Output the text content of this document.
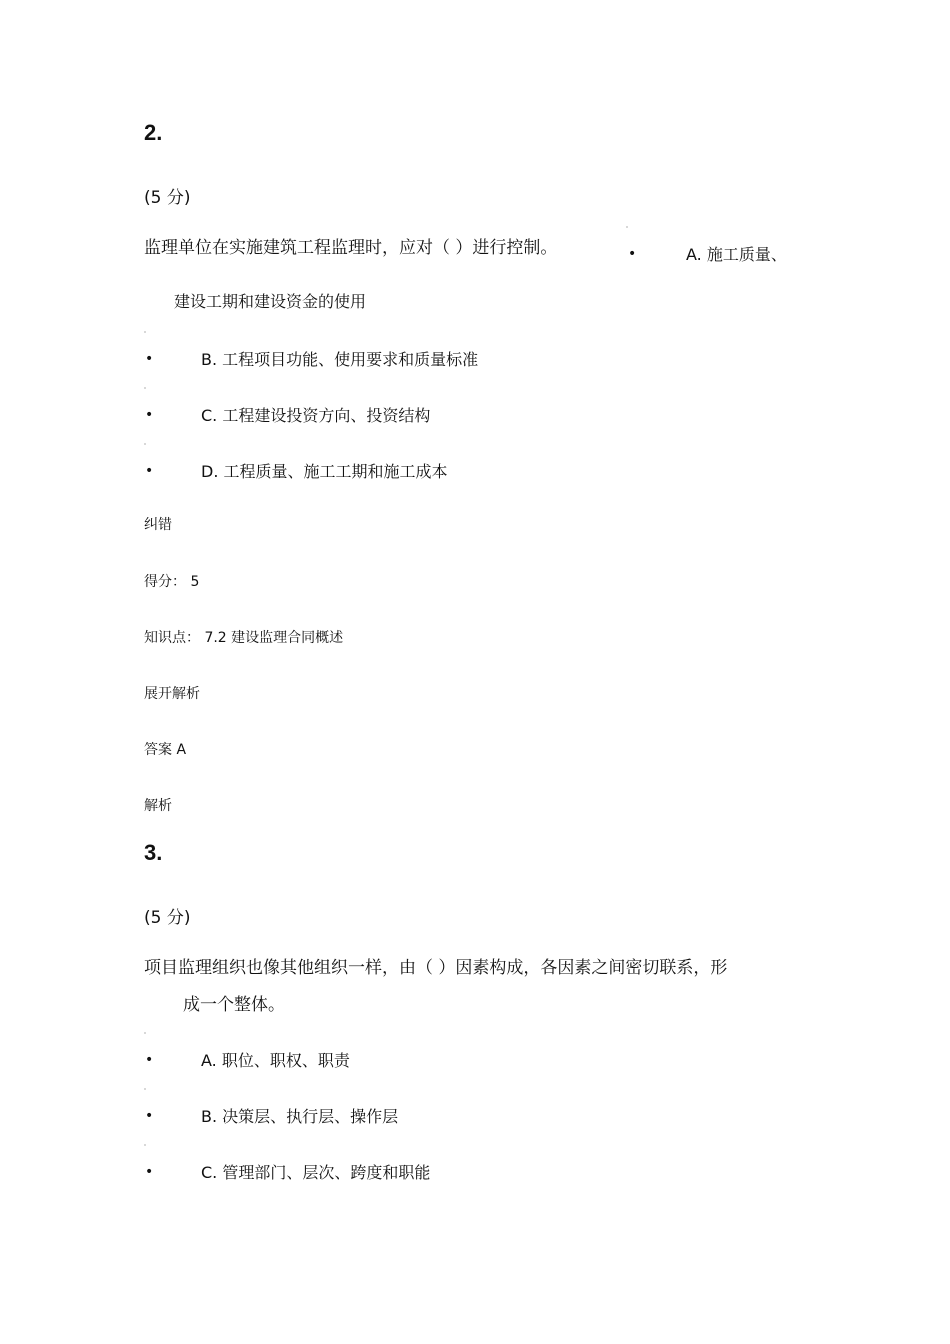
2.
(5 分)
监理单位在实施建筑工程监理时，应对（ ）进行控制。	•	A. 施工质量、
建设工期和建设资金的使用
•	B. 工程项目功能、使用要求和质量标准
•	C. 工程建设投资方向、投资结构
•	D. 工程质量、施工工期和施工成本
纠错
得分： 5
知识点： 7.2 建设监理合同概述
展开解析
答案 A
解析
3.
(5 分)
项目监理组织也像其他组织一样，由（ ）因素构成，各因素之间密切联系，形
成一个整体。
•	A. 职位、职权、职责
•	B. 决策层、执行层、操作层
•	C. 管理部门、层次、跨度和职能
